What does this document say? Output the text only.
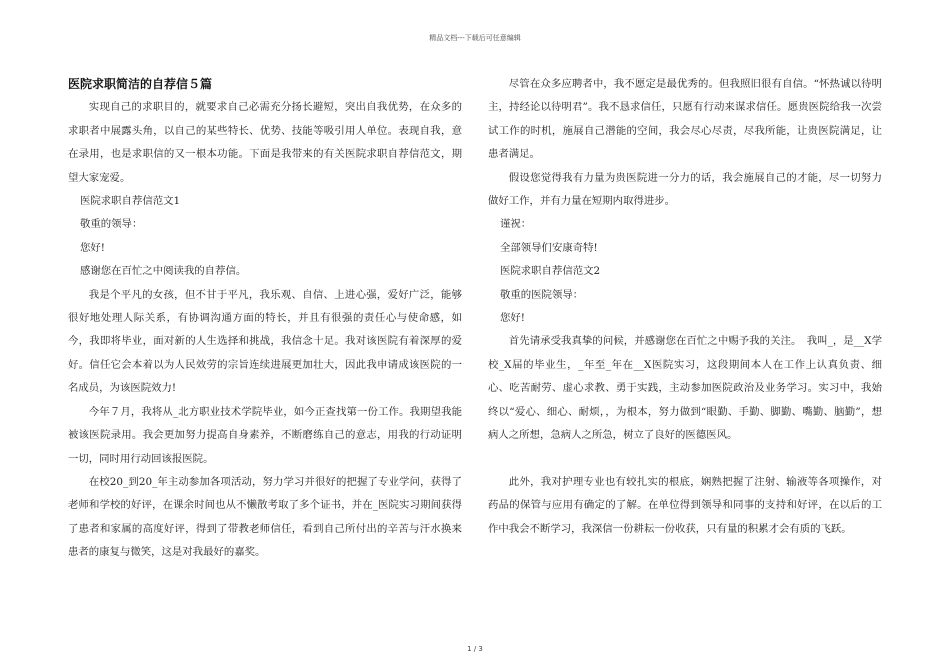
精品文档---下载后可任意编辑
医院求职简洁的自荐信５篇

实现自己的求职目的，就要求自己必需充分扬长避短，突出自我优势，在众多的求职者中展露头角，以自己的某些特长、优势、技能等吸引用人单位。表现自我，意在录用，也是求职信的又一根本功能。下面是我带来的有关医院求职自荐信范文，期望大家宠爱。

医院求职自荐信范文1

敬重的领导：

您好!

感谢您在百忙之中阅读我的自荐信。

我是个平凡的女孩，但不甘于平凡，我乐观、自信、上进心强，爱好广泛，能够很好地处理人际关系，有协调沟通方面的特长，并且有很强的责任心与使命感，如今，我即将毕业，面对新的人生选择和挑战，我信念十足。我对该医院有着深厚的爱好。信任它会本着以为人民效劳的宗旨连续进展更加壮大，因此我申请成该医院的一名成员，为该医院效力!

今年７月，我将从_北方职业技术学院毕业，如今正查找第一份工作。我期望我能被该医院录用。我会更加努力提高自身素养，不断磨练自己的意志，用我的行动证明一切，同时用行动回该报医院。

在校20_到20_年主动参加各项活动，努力学习并很好的把握了专业学问，获得了老师和学校的好评，在课余时间也从不懒散考取了多个证书，并在_医院实习期间获得了患者和家属的高度好评，得到了带教老师信任，看到自己所付出的辛苦与汗水换来患者的康复与微笑，这是对我最好的嘉奖。

尽管在众多应聘者中，我不愿定是最优秀的。但我照旧很有自信。“怀热诚以待明主，持经论以待明君”。我不恳求信任，只愿有行动来谋求信任。愿贵医院给我一次尝试工作的时机，施展自己潜能的空间，我会尽心尽责，尽我所能，让贵医院满足，让患者满足。

假设您觉得我有力量为贵医院进一分力的话，我会施展自己的才能，尽一切努力做好工作，并有力量在短期内取得进步。

谨祝：

全部领导们安康奇特!

医院求职自荐信范文2

敬重的医院领导：

您好!

首先请承受我真挚的问候，并感谢您在百忙之中赐予我的关注。　我叫_，是__X学校_X届的毕业生，_年至_年在__X医院实习，这段期间本人在工作上认真负责、细心、吃苦耐劳、虚心求教、勇于实践，主动参加医院政治及业务学习。实习中，我始终以“爱心、细心、耐烦，，为根本，努力做到“眼勤、手勤、脚勤、嘴勤、脑勤”，想病人之所想，急病人之所急，树立了良好的医德医风。

此外，我对护理专业也有较扎实的根底，娴熟把握了注射、输液等各项操作，对药品的保管与应用有确定的了解。在单位得到领导和同事的支持和好评，在以后的工作中我会不断学习，我深信一份耕耘一份收获，只有量的积累才会有质的飞跃。

1 / 3
